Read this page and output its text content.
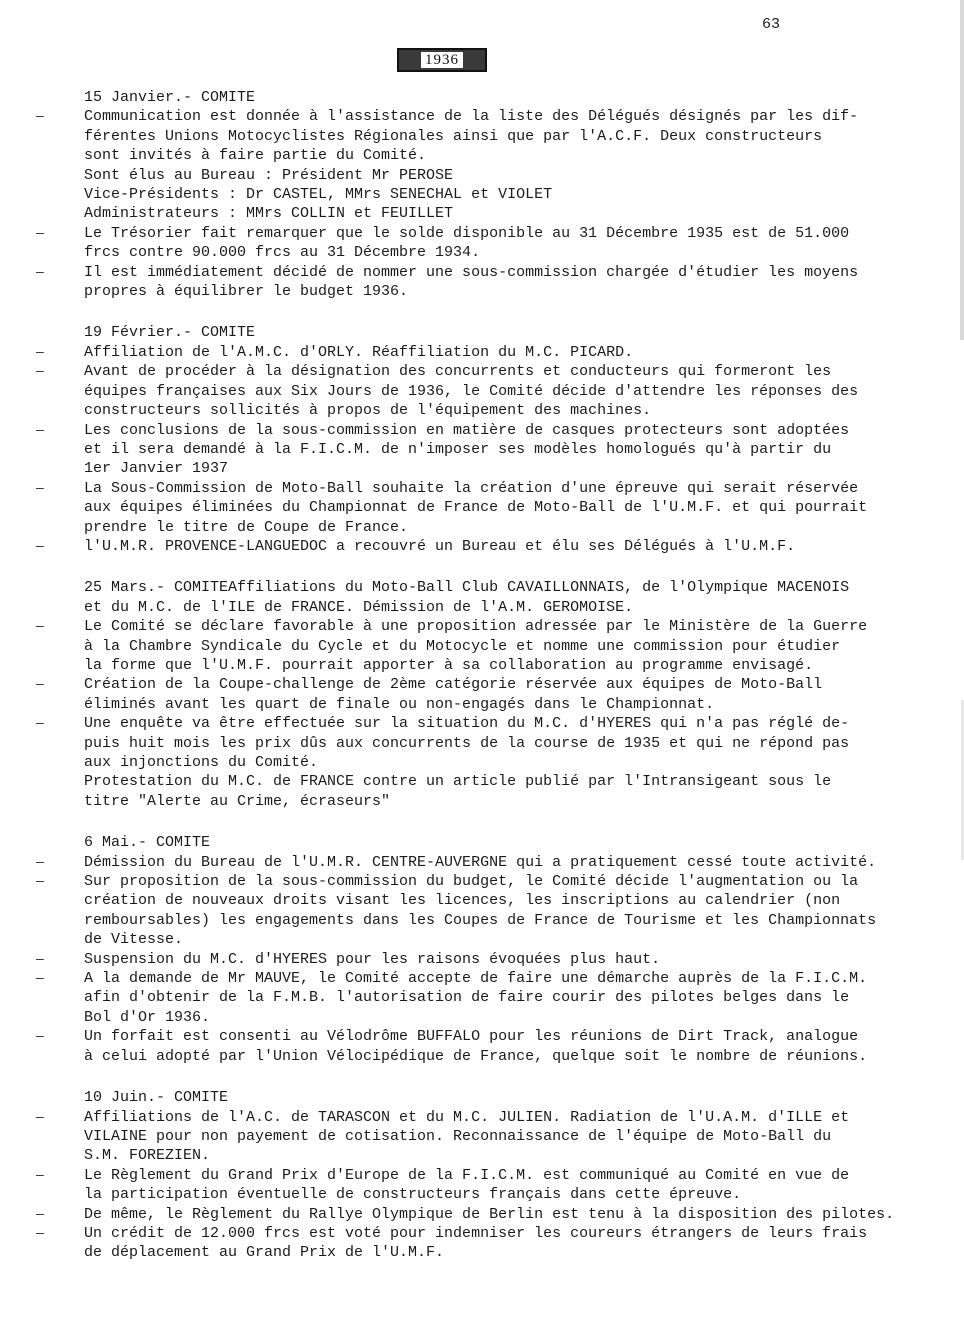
63
1936
15 Janvier.- COMITE
— Communication est donnée à l'assistance de la liste des Délégués désignés par les dif-
férentes Unions Motocyclistes Régionales ainsi que par l'A.C.F. Deux constructeurs
sont invités à faire partie du Comité.
Sont élus au Bureau : Président Mr PEROSE
Vice-Présidents : Dr CASTEL, MMrs SENECHAL et VIOLET
Administrateurs : MMrs COLLIN et FEUILLET
— Le Trésorier fait remarquer que le solde disponible au 31 Décembre 1935 est de 51.000
frcs contre 90.000 frcs au 31 Décembre 1934.
— Il est immédiatement décidé de nommer une sous-commission chargée d'étudier les moyens
propres à équilibrer le budget 1936.
19 Février.- COMITE
— Affiliation de l'A.M.C. d'ORLY. Réaffiliation du M.C. PICARD.
— Avant de procéder à la désignation des concurrents et conducteurs qui formeront les
équipes françaises aux Six Jours de 1936, le Comité décide d'attendre les réponses des
constructeurs sollicités à propos de l'équipement des machines.
— Les conclusions de la sous-commission en matière de casques protecteurs sont adoptées
et il sera demandé à la F.I.C.M. de n'imposer ses modèles homologués qu'à partir du
1er Janvier 1937
— La Sous-Commission de Moto-Ball souhaite la création d'une épreuve qui serait réservée
aux équipes éliminées du Championnat de France de Moto-Ball de l'U.M.F. et qui pourrait
prendre le titre de Coupe de France.
— l'U.M.R. PROVENCE-LANGUEDOC a recouvré un Bureau et élu ses Délégués à l'U.M.F.
25 Mars.- COMITEAffiliations du Moto-Ball Club CAVAILLONNAIS, de l'Olympique MACENOIS
et du M.C. de l'ILE de FRANCE. Démission de l'A.M. GEROMOISE.
— Le Comité se déclare favorable à une proposition adressée par le Ministère de la Guerre
à la Chambre Syndicale du Cycle et du Motocycle et nomme une commission pour étudier
la forme que l'U.M.F. pourrait apporter à sa collaboration au programme envisagé.
— Création de la Coupe-challenge de 2ème catégorie réservée aux équipes de Moto-Ball
éliminés avant les quart de finale ou non-engagés dans le Championnat.
— Une enquête va être effectuée sur la situation du M.C. d'HYERES qui n'a pas réglé de-
puis huit mois les prix dûs aux concurrents de la course de 1935 et qui ne répond pas
aux injonctions du Comité.
Protestation du M.C. de FRANCE contre un article publié par l'Intransigeant sous le
titre "Alerte au Crime, écraseurs"
6 Mai.- COMITE
— Démission du Bureau de l'U.M.R. CENTRE-AUVERGNE qui a pratiquement cessé toute activité.
— Sur proposition de la sous-commission du budget, le Comité décide l'augmentation ou la
création de nouveaux droits visant les licences, les inscriptions au calendrier (non
remboursables) les engagements dans les Coupes de France de Tourisme et les Championnats
de Vitesse.
— Suspension du M.C. d'HYERES pour les raisons évoquées plus haut.
— A la demande de Mr MAUVE, le Comité accepte de faire une démarche auprès de la F.I.C.M.
afin d'obtenir de la F.M.B. l'autorisation de faire courir des pilotes belges dans le
Bol d'Or 1936.
— Un forfait est consenti au Vélodrôme BUFFALO pour les réunions de Dirt Track, analogue
à celui adopté par l'Union Vélocipédique de France, quelque soit le nombre de réunions.
10 Juin.- COMITE
— Affiliations de l'A.C. de TARASCON et du M.C. JULIEN. Radiation de l'U.A.M. d'ILLE et
VILAINE pour non payement de cotisation. Reconnaissance de l'équipe de Moto-Ball du
S.M. FOREZIEN.
— Le Règlement du Grand Prix d'Europe de la F.I.C.M. est communiqué au Comité en vue de
la participation éventuelle de constructeurs français dans cette épreuve.
— De même, le Règlement du Rallye Olympique de Berlin est tenu à la disposition des pilotes.
— Un crédit de 12.000 frcs est voté pour indemniser les coureurs étrangers de leurs frais
de déplacement au Grand Prix de l'U.M.F.
